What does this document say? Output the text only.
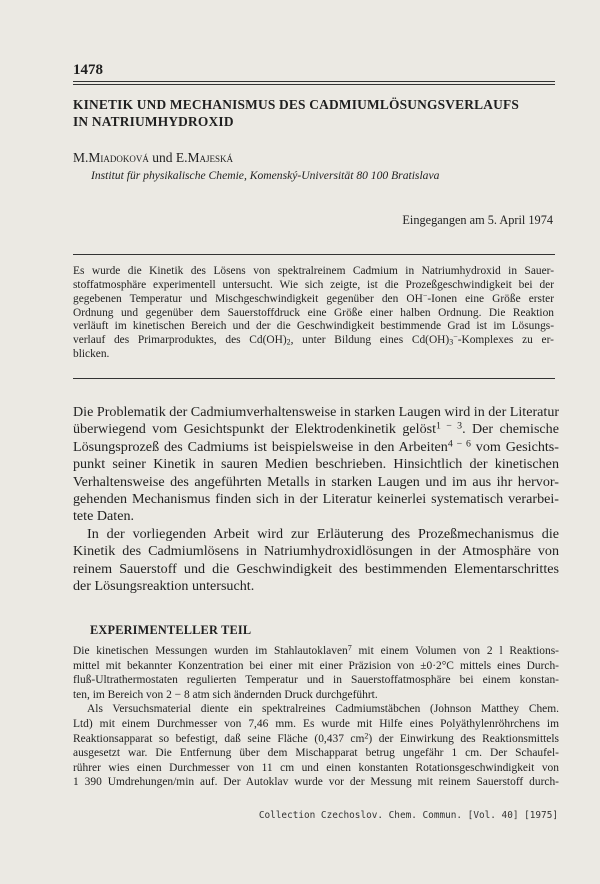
1478
KINETIK UND MECHANISMUS DES CADMIUMLÖSUNGSVERLAUFS
IN NATRIUMHYDROXID
M.Miadoková und E.Majeská
Institut für physikalische Chemie, Komenský-Universität 80 100 Bratislava
Eingegangen am 5. April 1974
Es wurde die Kinetik des Lösens von spektralreinem Cadmium in Natriumhydroxid in Sauer-
stoffatmosphäre experimentell untersucht. Wie sich zeigte, ist die Prozeßgeschwindigkeit bei der
gegebenen Temperatur und Mischgeschwindigkeit gegenüber den OH−-Ionen eine Größe erster
Ordnung und gegenüber dem Sauerstoffdruck eine Größe einer halben Ordnung. Die Reaktion
verläuft im kinetischen Bereich und der die Geschwindigkeit bestimmende Grad ist im Lösungs-
verlauf des Primarproduktes, des $Cd(OH)_2$, unter Bildung eines $Cd(OH)_3^-$-Komplexes zu er-
blicken.
Die Problematik der Cadmiumverhaltensweise in starken Laugen wird in der Literatur
überwiegend vom Gesichtspunkt der Elektrodenkinetik gelöst$^{1 - 3}$. Der chemische
Lösungsprozeß des Cadmiums ist beispielsweise in den Arbeiten$^{4 - 6}$ vom Gesichts-
punkt seiner Kinetik in sauren Medien beschrieben. Hinsichtlich der kinetischen
Verhaltensweise des angeführten Metalls in starken Laugen und im aus ihr hervor-
gehenden Mechanismus finden sich in der Literatur keinerlei systematisch verarbei-
tete Daten.
In der vorliegenden Arbeit wird zur Erläuterung des Prozeßmechanismus die
Kinetik des Cadmiumlösens in Natriumhydroxidlösungen in der Atmosphäre von
reinem Sauerstoff und die Geschwindigkeit des bestimmenden Elementarschrittes
der Lösungsreaktion untersucht.
EXPERIMENTELLER TEIL
Die kinetischen Messungen wurden im Stahlautoklaven$^7$ mit einem Volumen von 2 l Reaktions-
mittel mit bekannter Konzentration bei einer mit einer Präzision von ±0·2°C mittels eines Durch-
fluß-Ultrathermostaten regulierten Temperatur und in Sauerstoffatmosphäre bei einem konstan-
ten, im Bereich von 2 − 8 atm sich ändernden Druck durchgeführt.
Als Versuchsmaterial diente ein spektralreines Cadmiumstäbchen (Johnson Matthey Chem.
Ltd) mit einem Durchmesser von 7,46 mm. Es wurde mit Hilfe eines Polyäthylenröhrchens im
Reaktionsapparat so befestigt, daß seine Fläche (0,437 $cm^2$) der Einwirkung des Reaktionsmittels
ausgesetzt war. Die Entfernung über dem Mischapparat betrug ungefähr 1 cm. Der Schaufel-
rührer wies einen Durchmesser von 11 cm und einen konstanten Rotationsgeschwindigkeit von
1 390 Umdrehungen/min auf. Der Autoklav wurde vor der Messung mit reinem Sauerstoff durch-
Collection Czechoslov. Chem. Commun. [Vol. 40] [1975]
